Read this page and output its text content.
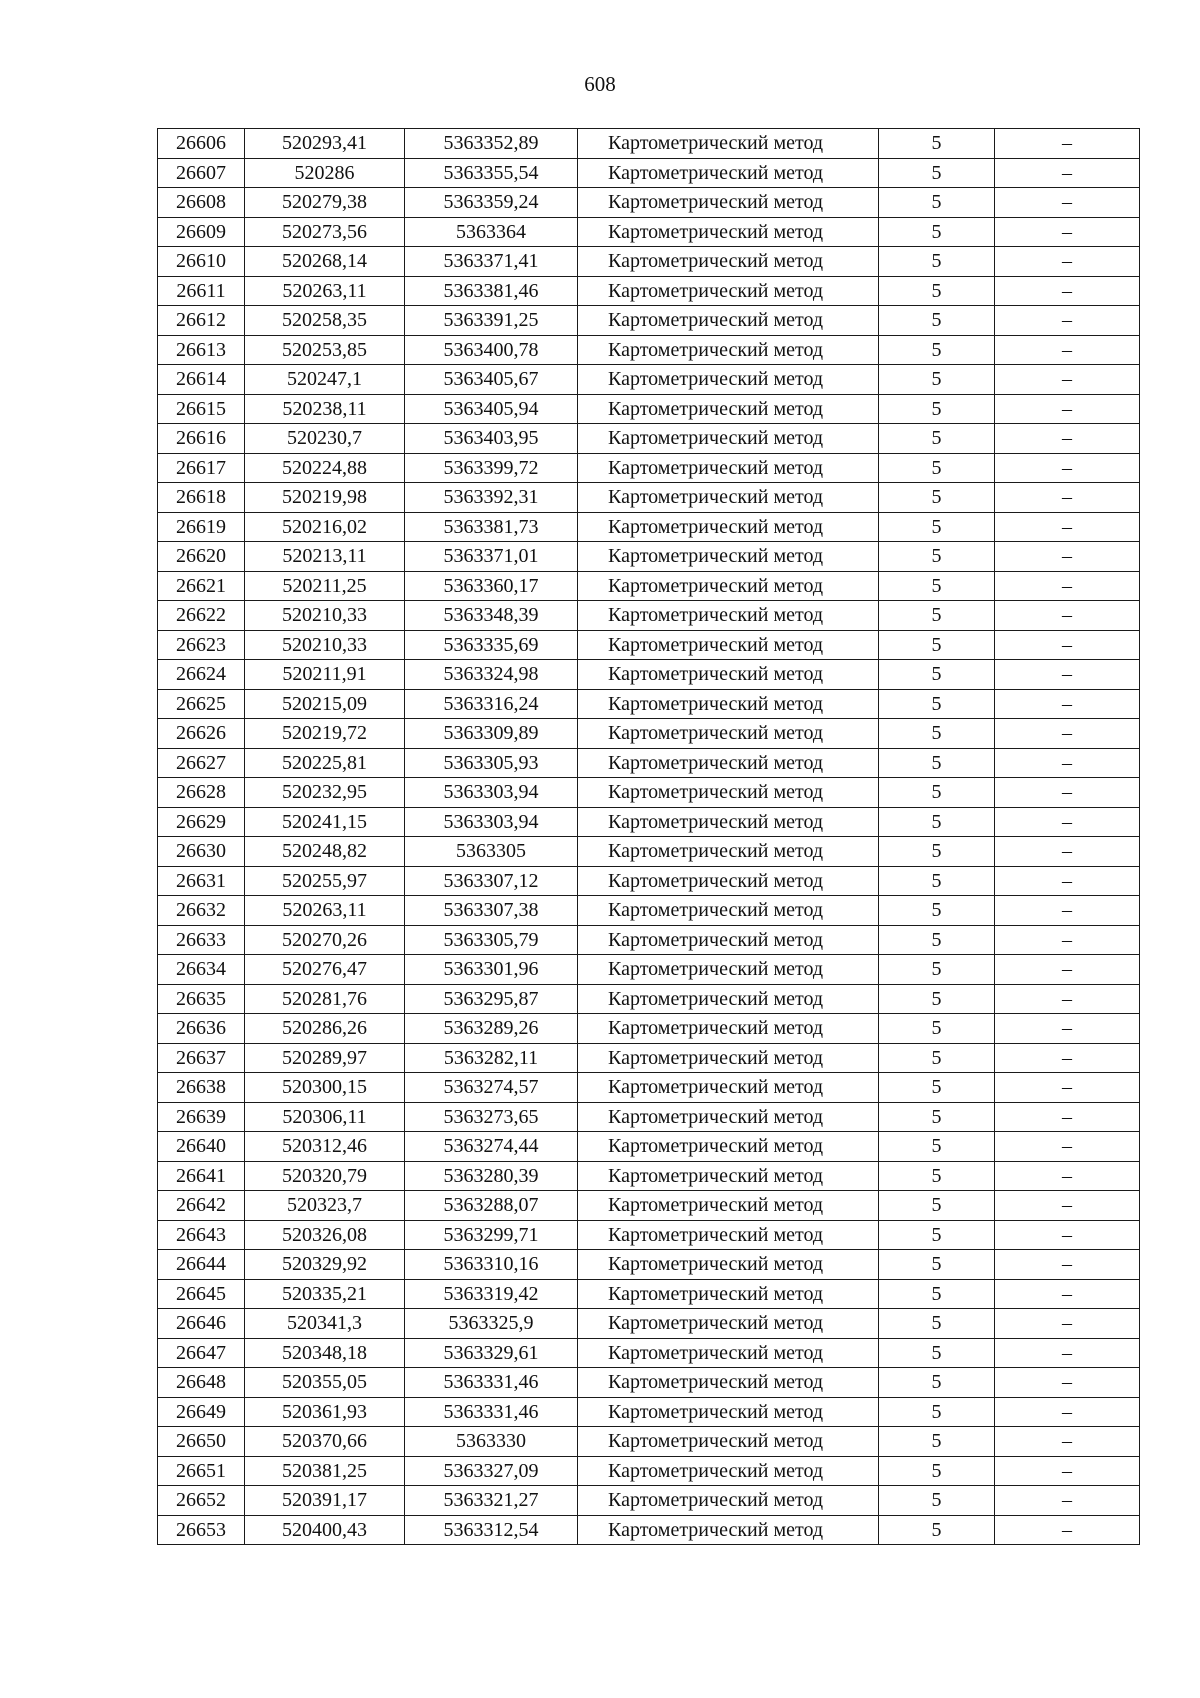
608
26606	520293,41	5363352,89	Картометрический метод	5	–
26607	520286	5363355,54	Картометрический метод	5	–
26608	520279,38	5363359,24	Картометрический метод	5	–
26609	520273,56	5363364	Картометрический метод	5	–
26610	520268,14	5363371,41	Картометрический метод	5	–
26611	520263,11	5363381,46	Картометрический метод	5	–
26612	520258,35	5363391,25	Картометрический метод	5	–
26613	520253,85	5363400,78	Картометрический метод	5	–
26614	520247,1	5363405,67	Картометрический метод	5	–
26615	520238,11	5363405,94	Картометрический метод	5	–
26616	520230,7	5363403,95	Картометрический метод	5	–
26617	520224,88	5363399,72	Картометрический метод	5	–
26618	520219,98	5363392,31	Картометрический метод	5	–
26619	520216,02	5363381,73	Картометрический метод	5	–
26620	520213,11	5363371,01	Картометрический метод	5	–
26621	520211,25	5363360,17	Картометрический метод	5	–
26622	520210,33	5363348,39	Картометрический метод	5	–
26623	520210,33	5363335,69	Картометрический метод	5	–
26624	520211,91	5363324,98	Картометрический метод	5	–
26625	520215,09	5363316,24	Картометрический метод	5	–
26626	520219,72	5363309,89	Картометрический метод	5	–
26627	520225,81	5363305,93	Картометрический метод	5	–
26628	520232,95	5363303,94	Картометрический метод	5	–
26629	520241,15	5363303,94	Картометрический метод	5	–
26630	520248,82	5363305	Картометрический метод	5	–
26631	520255,97	5363307,12	Картометрический метод	5	–
26632	520263,11	5363307,38	Картометрический метод	5	–
26633	520270,26	5363305,79	Картометрический метод	5	–
26634	520276,47	5363301,96	Картометрический метод	5	–
26635	520281,76	5363295,87	Картометрический метод	5	–
26636	520286,26	5363289,26	Картометрический метод	5	–
26637	520289,97	5363282,11	Картометрический метод	5	–
26638	520300,15	5363274,57	Картометрический метод	5	–
26639	520306,11	5363273,65	Картометрический метод	5	–
26640	520312,46	5363274,44	Картометрический метод	5	–
26641	520320,79	5363280,39	Картометрический метод	5	–
26642	520323,7	5363288,07	Картометрический метод	5	–
26643	520326,08	5363299,71	Картометрический метод	5	–
26644	520329,92	5363310,16	Картометрический метод	5	–
26645	520335,21	5363319,42	Картометрический метод	5	–
26646	520341,3	5363325,9	Картометрический метод	5	–
26647	520348,18	5363329,61	Картометрический метод	5	–
26648	520355,05	5363331,46	Картометрический метод	5	–
26649	520361,93	5363331,46	Картометрический метод	5	–
26650	520370,66	5363330	Картометрический метод	5	–
26651	520381,25	5363327,09	Картометрический метод	5	–
26652	520391,17	5363321,27	Картометрический метод	5	–
26653	520400,43	5363312,54	Картометрический метод	5	–
